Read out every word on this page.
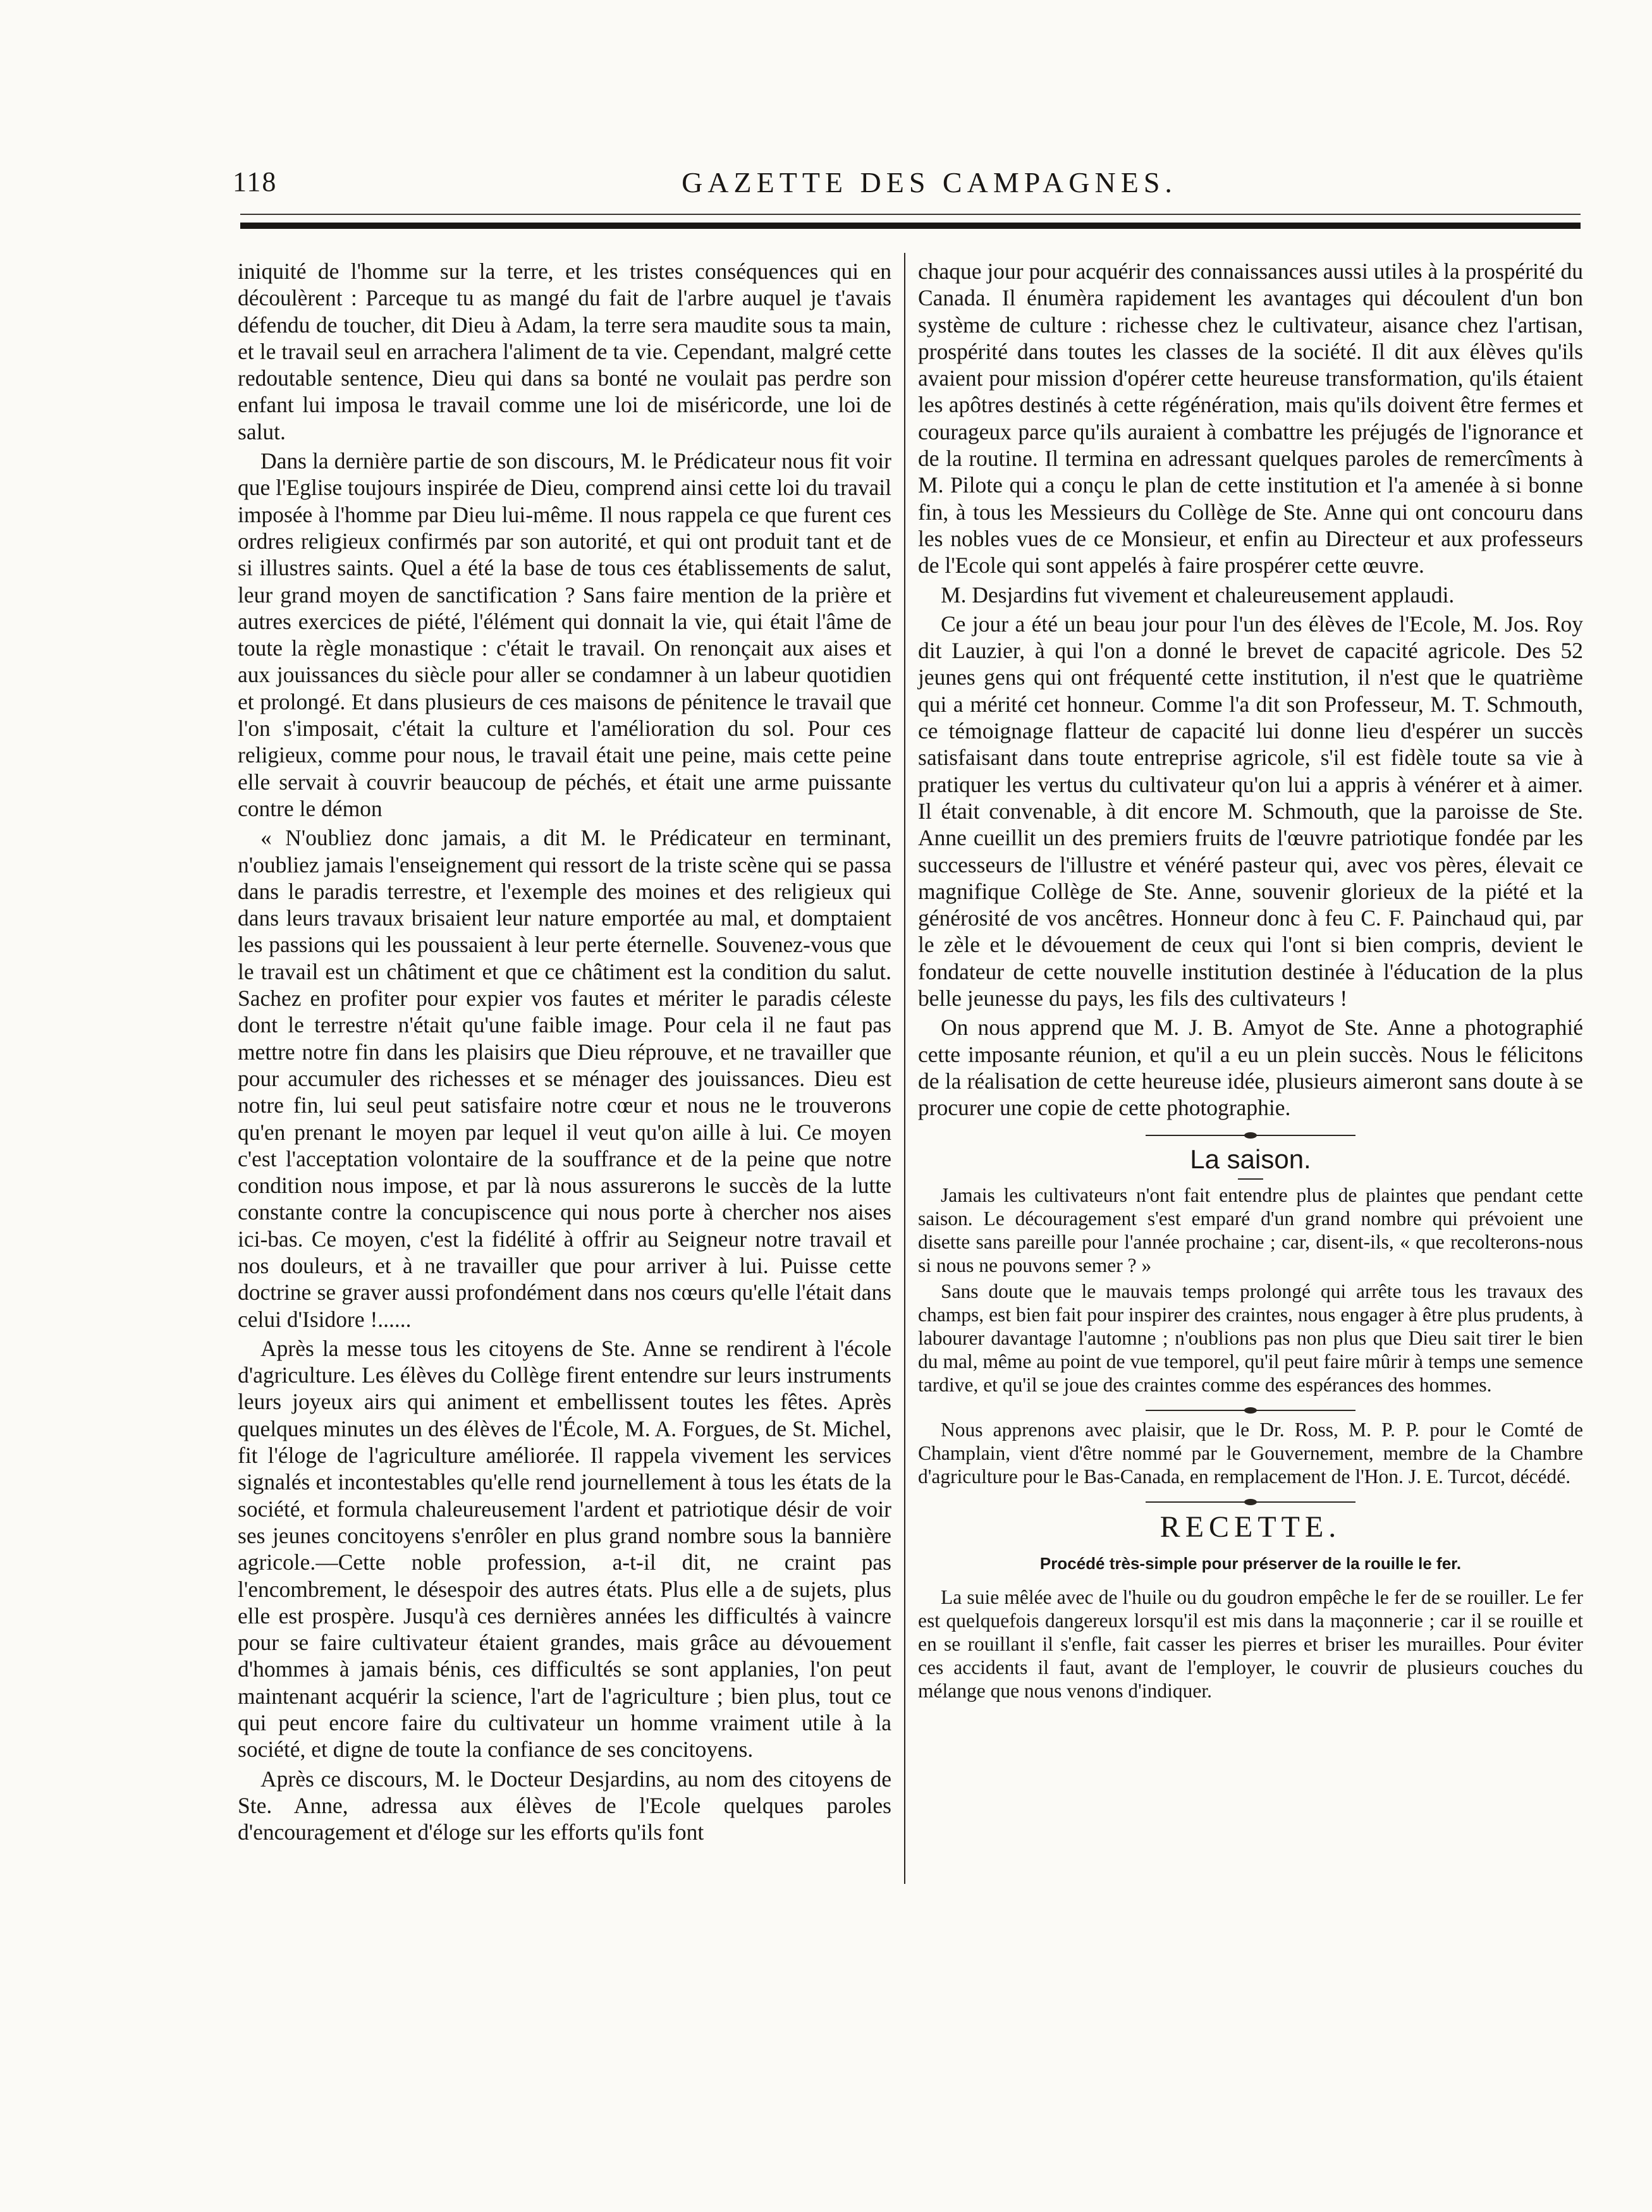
118	GAZETTE DES CAMPAGNES.

iniquité de l'homme sur la terre, et les tristes conséquences qui en découlèrent : Parceque tu as mangé du fait de l'arbre auquel je t'avais défendu de toucher, dit Dieu à Adam, la terre sera maudite sous ta main, et le travail seul en arrachera l'aliment de ta vie. Cependant, malgré cette redoutable sentence, Dieu qui dans sa bonté ne voulait pas perdre son enfant lui imposa le travail comme une loi de miséricorde, une loi de salut.

Dans la dernière partie de son discours, M. le Prédicateur nous fit voir que l'Eglise toujours inspirée de Dieu, comprend ainsi cette loi du travail imposée à l'homme par Dieu lui-même. Il nous rappela ce que furent ces ordres religieux confirmés par son autorité, et qui ont produit tant et de si illustres saints. Quel a été la base de tous ces établissements de salut, leur grand moyen de sanctification ? Sans faire mention de la prière et autres exercices de piété, l'élément qui donnait la vie, qui était l'âme de toute la règle monastique : c'était le travail. On renonçait aux aises et aux jouissances du siècle pour aller se condamner à un labeur quotidien et prolongé. Et dans plusieurs de ces maisons de pénitence le travail que l'on s'imposait, c'était la culture et l'amélioration du sol. Pour ces religieux, comme pour nous, le travail était une peine, mais cette peine elle servait à couvrir beaucoup de péchés, et était une arme puissante contre le démon

« N'oubliez donc jamais, a dit M. le Prédicateur en terminant, n'oubliez jamais l'enseignement qui ressort de la triste scène qui se passa dans le paradis terrestre, et l'exemple des moines et des religieux qui dans leurs travaux brisaient leur nature emportée au mal, et domptaient les passions qui les poussaient à leur perte éternelle. Souvenez-vous que le travail est un châtiment et que ce châtiment est la condition du salut. Sachez en profiter pour expier vos fautes et mériter le paradis céleste dont le terrestre n'était qu'une faible image. Pour cela il ne faut pas mettre notre fin dans les plaisirs que Dieu réprouve, et ne travailler que pour accumuler des richesses et se ménager des jouissances. Dieu est notre fin, lui seul peut satisfaire notre cœur et nous ne le trouverons qu'en prenant le moyen par lequel il veut qu'on aille à lui. Ce moyen c'est l'acceptation volontaire de la souffrance et de la peine que notre condition nous impose, et par là nous assurerons le succès de la lutte constante contre la concupiscence qui nous porte à chercher nos aises ici-bas. Ce moyen, c'est la fidélité à offrir au Seigneur notre travail et nos douleurs, et à ne travailler que pour arriver à lui. Puisse cette doctrine se graver aussi profondément dans nos cœurs qu'elle l'était dans celui d'Isidore !......

Après la messe tous les citoyens de Ste. Anne se rendirent à l'école d'agriculture. Les élèves du Collège firent entendre sur leurs instruments leurs joyeux airs qui animent et embellissent toutes les fêtes. Après quelques minutes un des élèves de l'École, M. A. Forgues, de St. Michel, fit l'éloge de l'agriculture améliorée. Il rappela vivement les services signalés et incontestables qu'elle rend journellement à tous les états de la société, et formula chaleureusement l'ardent et patriotique désir de voir ses jeunes concitoyens s'enrôler en plus grand nombre sous la bannière agricole.—Cette noble profession, a-t-il dit, ne craint pas l'encombrement, le désespoir des autres états. Plus elle a de sujets, plus elle est prospère. Jusqu'à ces dernières années les difficultés à vaincre pour se faire cultivateur étaient grandes, mais grâce au dévouement d'hommes à jamais bénis, ces difficultés se sont applanies, l'on peut maintenant acquérir la science, l'art de l'agriculture ; bien plus, tout ce qui peut encore faire du cultivateur un homme vraiment utile à la société, et digne de toute la confiance de ses concitoyens.

Après ce discours, M. le Docteur Desjardins, au nom des citoyens de Ste. Anne, adressa aux élèves de l'Ecole quelques paroles d'encouragement et d'éloge sur les efforts qu'ils font

chaque jour pour acquérir des connaissances aussi utiles à la prospérité du Canada. Il énumèra rapidement les avantages qui découlent d'un bon système de culture : richesse chez le cultivateur, aisance chez l'artisan, prospérité dans toutes les classes de la société. Il dit aux élèves qu'ils avaient pour mission d'opérer cette heureuse transformation, qu'ils étaient les apôtres destinés à cette régénération, mais qu'ils doivent être fermes et courageux parce qu'ils auraient à combattre les préjugés de l'ignorance et de la routine. Il termina en adressant quelques paroles de remercîments à M. Pilote qui a conçu le plan de cette institution et l'a amenée à si bonne fin, à tous les Messieurs du Collège de Ste. Anne qui ont concouru dans les nobles vues de ce Monsieur, et enfin au Directeur et aux professeurs de l'Ecole qui sont appelés à faire prospérer cette œuvre.

M. Desjardins fut vivement et chaleureusement applaudi.

Ce jour a été un beau jour pour l'un des élèves de l'Ecole, M. Jos. Roy dit Lauzier, à qui l'on a donné le brevet de capacité agricole. Des 52 jeunes gens qui ont fréquenté cette institution, il n'est que le quatrième qui a mérité cet honneur. Comme l'a dit son Professeur, M. T. Schmouth, ce témoignage flatteur de capacité lui donne lieu d'espérer un succès satisfaisant dans toute entreprise agricole, s'il est fidèle toute sa vie à pratiquer les vertus du cultivateur qu'on lui a appris à vénérer et à aimer. Il était convenable, à dit encore M. Schmouth, que la paroisse de Ste. Anne cueillit un des premiers fruits de l'œuvre patriotique fondée par les successeurs de l'illustre et vénéré pasteur qui, avec vos pères, élevait ce magnifique Collège de Ste. Anne, souvenir glorieux de la piété et la générosité de vos ancêtres. Honneur donc à feu C. F. Painchaud qui, par le zèle et le dévouement de ceux qui l'ont si bien compris, devient le fondateur de cette nouvelle institution destinée à l'éducation de la plus belle jeunesse du pays, les fils des cultivateurs !

On nous apprend que M. J. B. Amyot de Ste. Anne a photographié cette imposante réunion, et qu'il a eu un plein succès. Nous le félicitons de la réalisation de cette heureuse idée, plusieurs aimeront sans doute à se procurer une copie de cette photographie.

La saison.

Jamais les cultivateurs n'ont fait entendre plus de plaintes que pendant cette saison. Le découragement s'est emparé d'un grand nombre qui prévoient une disette sans pareille pour l'année prochaine ; car, disent-ils, « que recolterons-nous si nous ne pouvons semer ? »

Sans doute que le mauvais temps prolongé qui arrête tous les travaux des champs, est bien fait pour inspirer des craintes, nous engager à être plus prudents, à labourer davantage l'automne ; n'oublions pas non plus que Dieu sait tirer le bien du mal, même au point de vue temporel, qu'il peut faire mûrir à temps une semence tardive, et qu'il se joue des craintes comme des espérances des hommes.

Nous apprenons avec plaisir, que le Dr. Ross, M. P. P. pour le Comté de Champlain, vient d'être nommé par le Gouvernement, membre de la Chambre d'agriculture pour le Bas-Canada, en remplacement de l'Hon. J. E. Turcot, décédé.

RECETTE.
Procédé très-simple pour préserver de la rouille le fer.

La suie mêlée avec de l'huile ou du goudron empêche le fer de se rouiller. Le fer est quelquefois dangereux lorsqu'il est mis dans la maçonnerie ; car il se rouille et en se rouillant il s'enfle, fait casser les pierres et briser les murailles. Pour éviter ces accidents il faut, avant de l'employer, le couvrir de plusieurs couches du mélange que nous venons d'indiquer.
